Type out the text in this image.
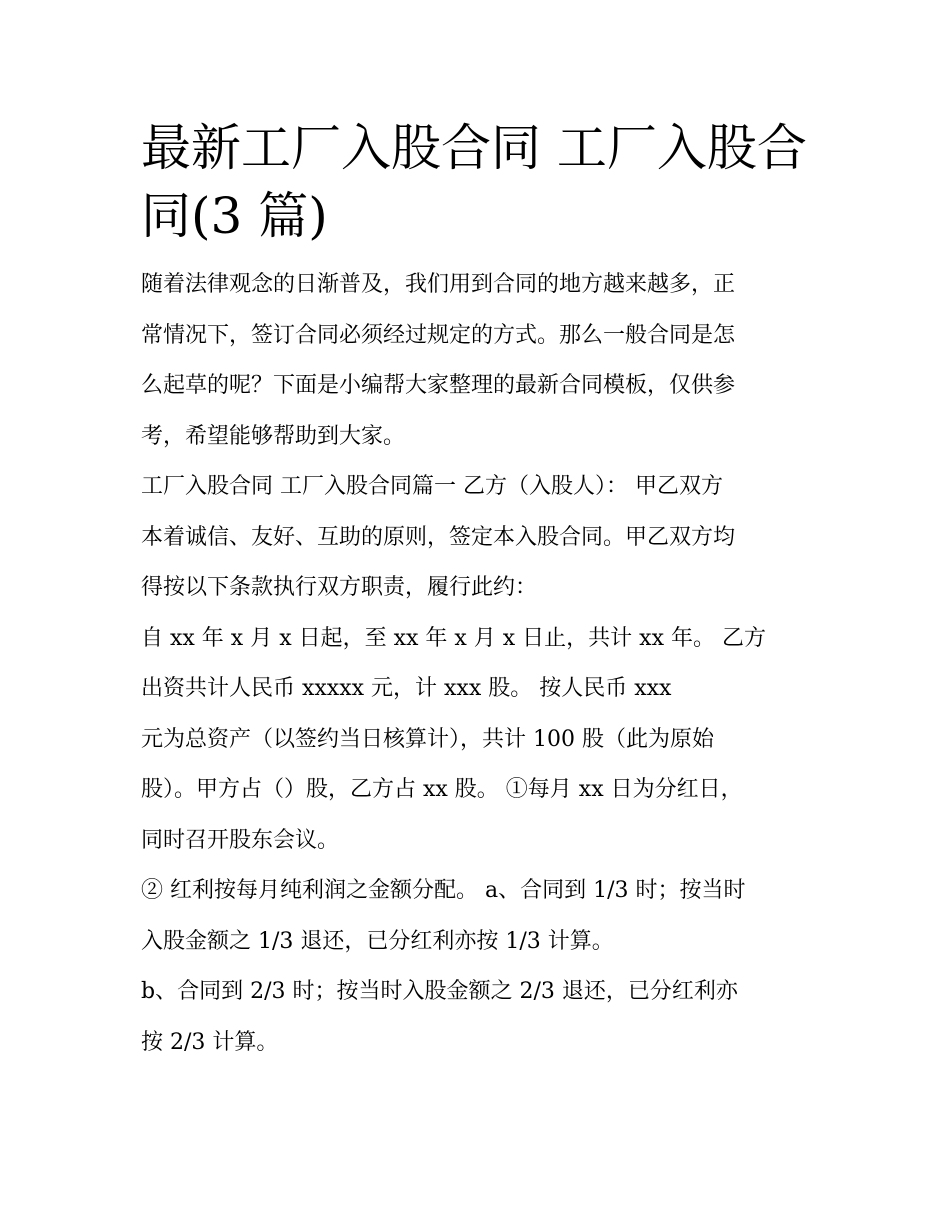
最新工厂入股合同 工厂入股合
同(3 篇)
随着法律观念的日渐普及，我们用到合同的地方越来越多，正
常情况下，签订合同必须经过规定的方式。那么一般合同是怎
么起草的呢？下面是小编帮大家整理的最新合同模板，仅供参
考，希望能够帮助到大家。
工厂入股合同 工厂入股合同篇一 乙方（入股人）： 甲乙双方
本着诚信、友好、互助的原则，签定本入股合同。甲乙双方均
得按以下条款执行双方职责，履行此约：
自 xx 年 x 月 x 日起，至 xx 年 x 月 x 日止，共计 xx 年。 乙方
出资共计人民币 xxxxx 元，计 xxx 股。 按人民币 xxx
元为总资产（以签约当日核算计），共计 100 股（此为原始
股）。甲方占（）股，乙方占 xx 股。 ①每月 xx 日为分红日，
同时召开股东会议。
② 红利按每月纯利润之金额分配。 a、合同到 1/3 时；按当时
入股金额之 1/3 退还，已分红利亦按 1/3 计算。
b、合同到 2/3 时；按当时入股金额之 2/3 退还，已分红利亦
按 2/3 计算。
